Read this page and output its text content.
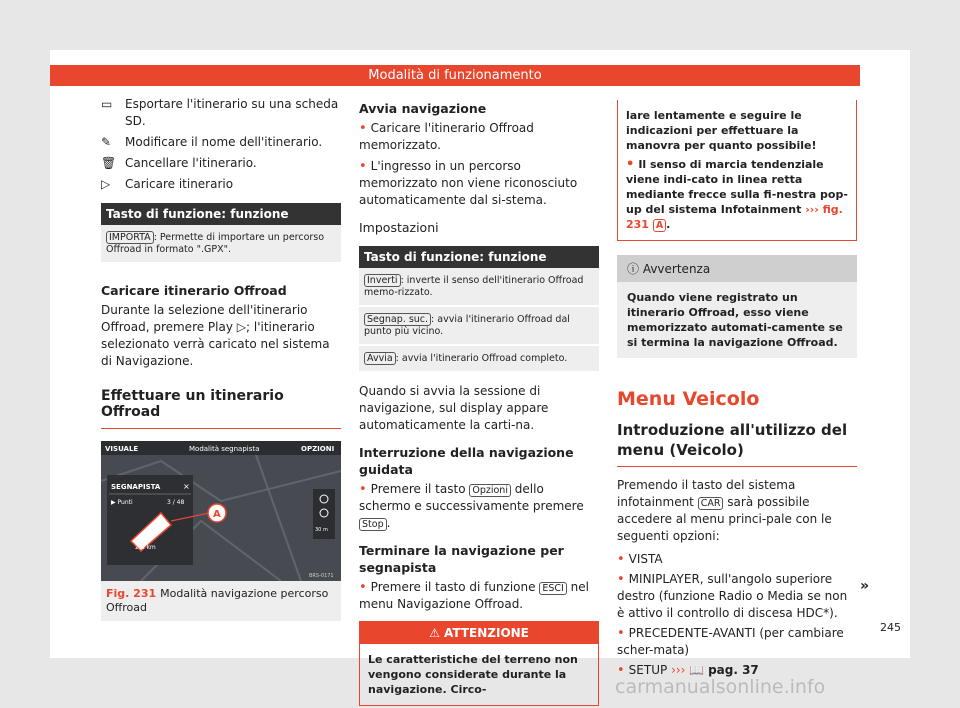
Modalità di funzionamento
▭	Esportare l'itinerario su una scheda SD.
✎	Modificare il nome dell'itinerario.
🗑 Cancellare l'itinerario.
▷	Caricare itinerario
Tasto di funzione: funzione
IMPORTA : Permette di importare un percorso Offroad in formato ".GPX".
Caricare itinerario Offroad

Durante la selezione dell'itinerario Offroad, premere Play ▷; l'itinerario selezionato verrà caricato nel sistema di Navigazione.

Effettuare un itinerario Offroad
VISUALE	Modalità segnapista	OPZIONI
SEGNAPISTA	×
▶ Punti	3 / 48
2.6 km
A
30 m
BRS-0171
Fig. 231 Modalità navigazione percorso Offroad
Avvia navigazione

• Caricare l'itinerario Offroad memorizzato.

• L'ingresso in un percorso memorizzato non viene riconosciuto automaticamente dal si-stema.

Impostazioni
Tasto di funzione: funzione
Inverti : inverte il senso dell'itinerario Offroad memo-rizzato.
Segnap. suc. : avvia l'itinerario Offroad dal punto più vicino.
Avvia : avvia l'itinerario Offroad completo.

Quando si avvia la sessione di navigazione, sul display appare automaticamente la carti-na.

Interruzione della navigazione guidata

• Premere il tasto Opzioni dello schermo e successivamente premere Stop .

Terminare la navigazione per segnapista

• Premere il tasto di funzione ESCI nel menu Navigazione Offroad.

⚠ ATTENZIONE
Le caratteristiche del terreno non vengono considerate durante la navigazione. Circo-
lare lentamente e seguire le indicazioni per effettuare la manovra per quanto possibile!
• Il senso di marcia tendenziale viene indi-cato in linea retta mediante frecce sulla fi-nestra pop-up del sistema Infotainment ››› fig. 231 A .
ⓘ Avvertenza
Quando viene registrato un itinerario Offroad, esso viene memorizzato automati-camente se si termina la navigazione Offroad.
Menu Veicolo
Introduzione all'utilizzo del menu (Veicolo)

Premendo il tasto del sistema infotainment CAR sarà possibile accedere al menu princi-pale con le seguenti opzioni:

• VISTA

• MINIPLAYER, sull'angolo superiore destro (funzione Radio o Media se non è attivo il controllo di discesa HDC*).

• PRECEDENTE-AVANTI (per cambiare scher-mata)

• SETUP ››› 📖 pag. 37

»
245
carmanualsonline.info
